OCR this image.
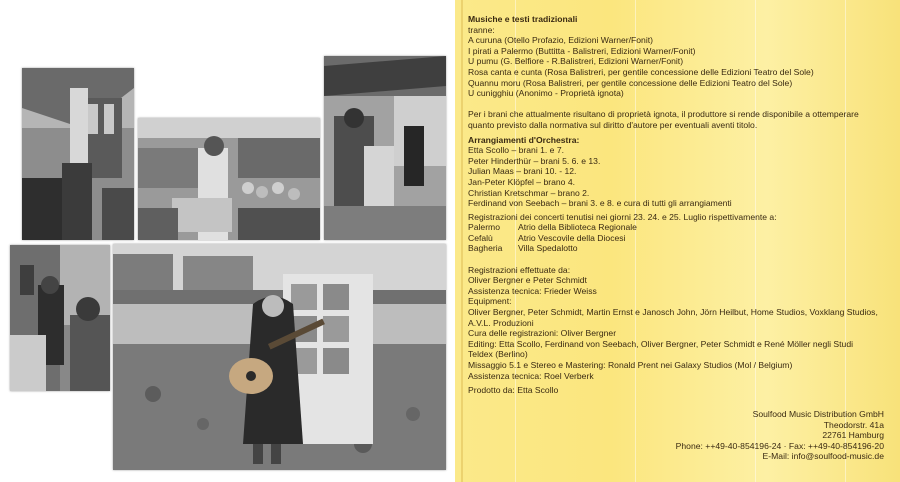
Musiche e testi tradizionali
tranne:
A curuna (Otello Profazio, Edizioni Warner/Fonit)
I pirati a Palermo (Buttitta - Balistreri, Edizioni Warner/Fonit)
U pumu (G. Belfiore - R.Balistreri, Edizioni Warner/Fonit)
Rosa canta e cunta (Rosa Balistreri, per gentile concessione delle Edizioni Teatro del Sole)
Quannu moru (Rosa Balistreri, per gentile concessione delle Edizioni Teatro del Sole)
U cunigghiu (Anonimo - Proprietà ignota)
Per i brani che attualmente risultano di proprietà ignota, il produttore si rende disponibile a ottemperare
quanto previsto dalla normativa sul diritto d'autore per eventuali aventi titolo.
Arrangiamenti d'Orchestra:
Etta Scollo – brani 1. e 7.
Peter Hinderthür – brani 5. 6. e 13.
Julian Maas – brani 10. - 12.
Jan-Peter Klöpfel – brano 4.
Christian Kretschmar – brano 2.
Ferdinand von Seebach – brani 3. e 8. e cura di tutti gli arrangiamenti
Registrazioni dei concerti tenutisi nei giorni 23. 24. e 25. Luglio rispettivamente a:
Palermo Atrio della Biblioteca Regionale
Cefalù	Atrio Vescovile della Diocesi
Bagheria Villa Spedalotto
Registrazioni effettuate da:
Oliver Bergner e Peter Schmidt
Assistenza tecnica: Frieder Weiss
Equipment:
Oliver Bergner, Peter Schmidt, Martin Ernst e Janosch John, Jörn Heilbut, Home Studios, Voxklang Studios,
A.V.L. Produzioni
Cura delle registrazioni: Oliver Bergner
Editing: Etta Scollo, Ferdinand von Seebach, Oliver Bergner, Peter Schmidt e René Möller negli Studi
Teldex (Berlino)
Missaggio 5.1 e Stereo e Mastering: Ronald Prent nei Galaxy Studios (Mol / Belgium)
Assistenza tecnica: Roel Verberk
Prodotto da: Etta Scollo
Soulfood Music Distribution GmbH
Theodorstr. 41a
22761 Hamburg
Phone: ++49-40-854196-24 · Fax: ++49-40-854196-20
E-Mail: info@soulfood-music.de
